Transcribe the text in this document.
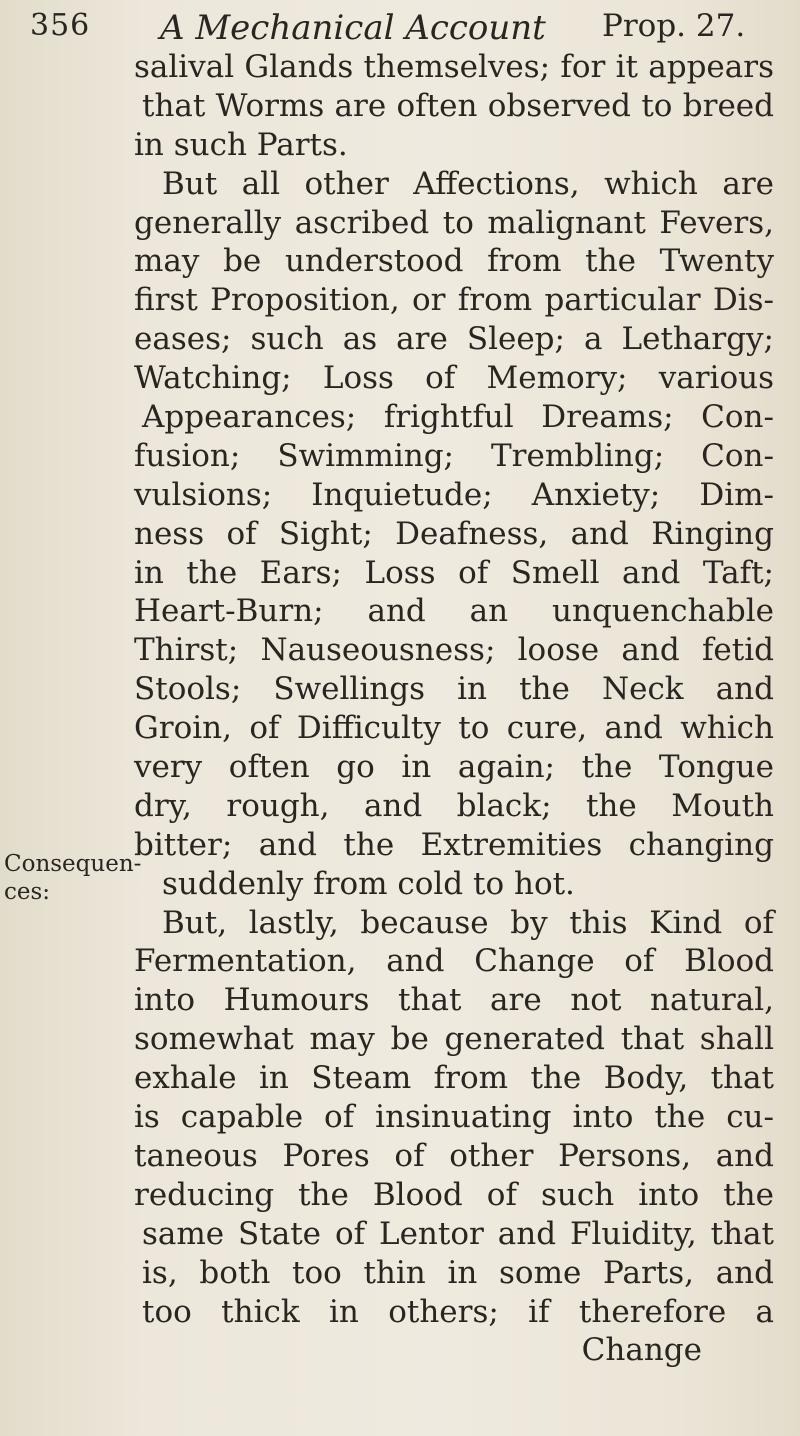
356 A Mechanical Account Prop. 27.
Consequen-
ces:
salival Glands themselves; for it appears
that Worms are often observed to breed
in such Parts.
But all other Affections, which are
generally ascribed to malignant Fevers,
may be understood from the Twenty
first Proposition, or from particular Dis-
eases; such as are Sleep; a Lethargy;
Watching; Loss of Memory; various
Appearances; frightful Dreams; Con-
fusion; Swimming; Trembling; Con-
vulsions; Inquietude; Anxiety; Dim-
ness of Sight; Deafness, and Ringing
in the Ears; Loss of Smell and Taft;
Heart-Burn; and an unquenchable
Thirst; Nauseousness; loose and fetid
Stools; Swellings in the Neck and
Groin, of Difficulty to cure, and which
very often go in again; the Tongue
dry, rough, and black; the Mouth
bitter; and the Extremities changing
suddenly from cold to hot.
But, lastly, because by this Kind of
Fermentation, and Change of Blood
into Humours that are not natural,
somewhat may be generated that shall
exhale in Steam from the Body, that
is capable of insinuating into the cu-
taneous Pores of other Persons, and
reducing the Blood of such into the
same State of Lentor and Fluidity, that
is, both too thin in some Parts, and
too thick in others; if therefore a
Change
